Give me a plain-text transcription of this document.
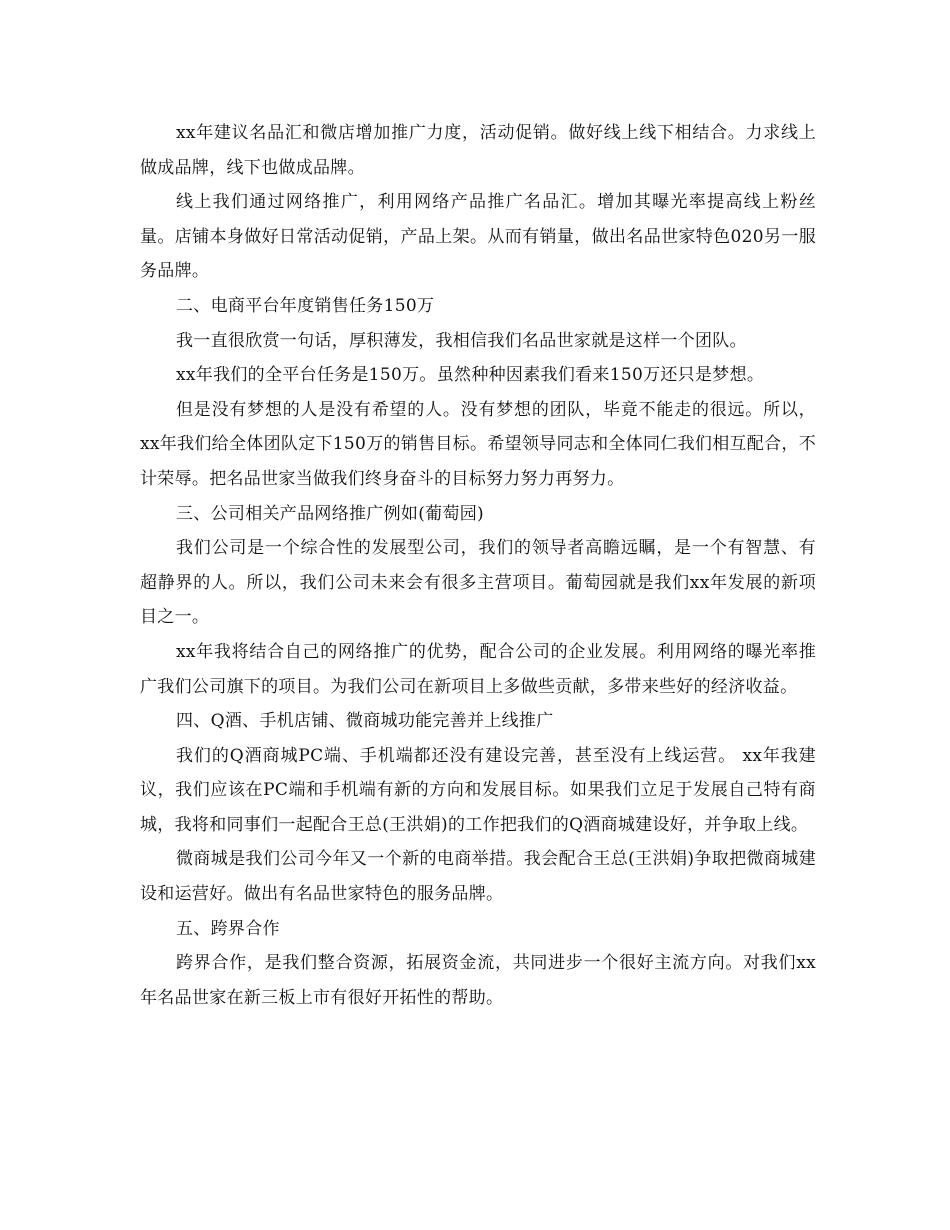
xx年建议名品汇和微店增加推广力度，活动促销。做好线上线下相结合。力求线上做成品牌，线下也做成品牌。

线上我们通过网络推广，利用网络产品推广名品汇。增加其曝光率提高线上粉丝量。店铺本身做好日常活动促销，产品上架。从而有销量，做出名品世家特色020另一服务品牌。

二、电商平台年度销售任务150万

我一直很欣赏一句话，厚积薄发，我相信我们名品世家就是这样一个团队。

xx年我们的全平台任务是150万。虽然种种因素我们看来150万还只是梦想。

但是没有梦想的人是没有希望的人。没有梦想的团队，毕竟不能走的很远。所以，xx年我们给全体团队定下150万的销售目标。希望领导同志和全体同仁我们相互配合，不计荣辱。把名品世家当做我们终身奋斗的目标努力努力再努力。

三、公司相关产品网络推广例如(葡萄园)

我们公司是一个综合性的发展型公司，我们的领导者高瞻远瞩，是一个有智慧、有超静界的人。所以，我们公司未来会有很多主营项目。葡萄园就是我们xx年发展的新项目之一。

xx年我将结合自己的网络推广的优势，配合公司的企业发展。利用网络的曝光率推广我们公司旗下的项目。为我们公司在新项目上多做些贡献，多带来些好的经济收益。

四、Q酒、手机店铺、微商城功能完善并上线推广

我们的Q酒商城PC端、手机端都还没有建设完善，甚至没有上线运营。 xx年我建议，我们应该在PC端和手机端有新的方向和发展目标。如果我们立足于发展自己特有商城，我将和同事们一起配合王总(王洪娟)的工作把我们的Q酒商城建设好，并争取上线。

微商城是我们公司今年又一个新的电商举措。我会配合王总(王洪娟)争取把微商城建设和运营好。做出有名品世家特色的服务品牌。

五、跨界合作

跨界合作，是我们整合资源，拓展资金流，共同进步一个很好主流方向。对我们xx年名品世家在新三板上市有很好开拓性的帮助。
